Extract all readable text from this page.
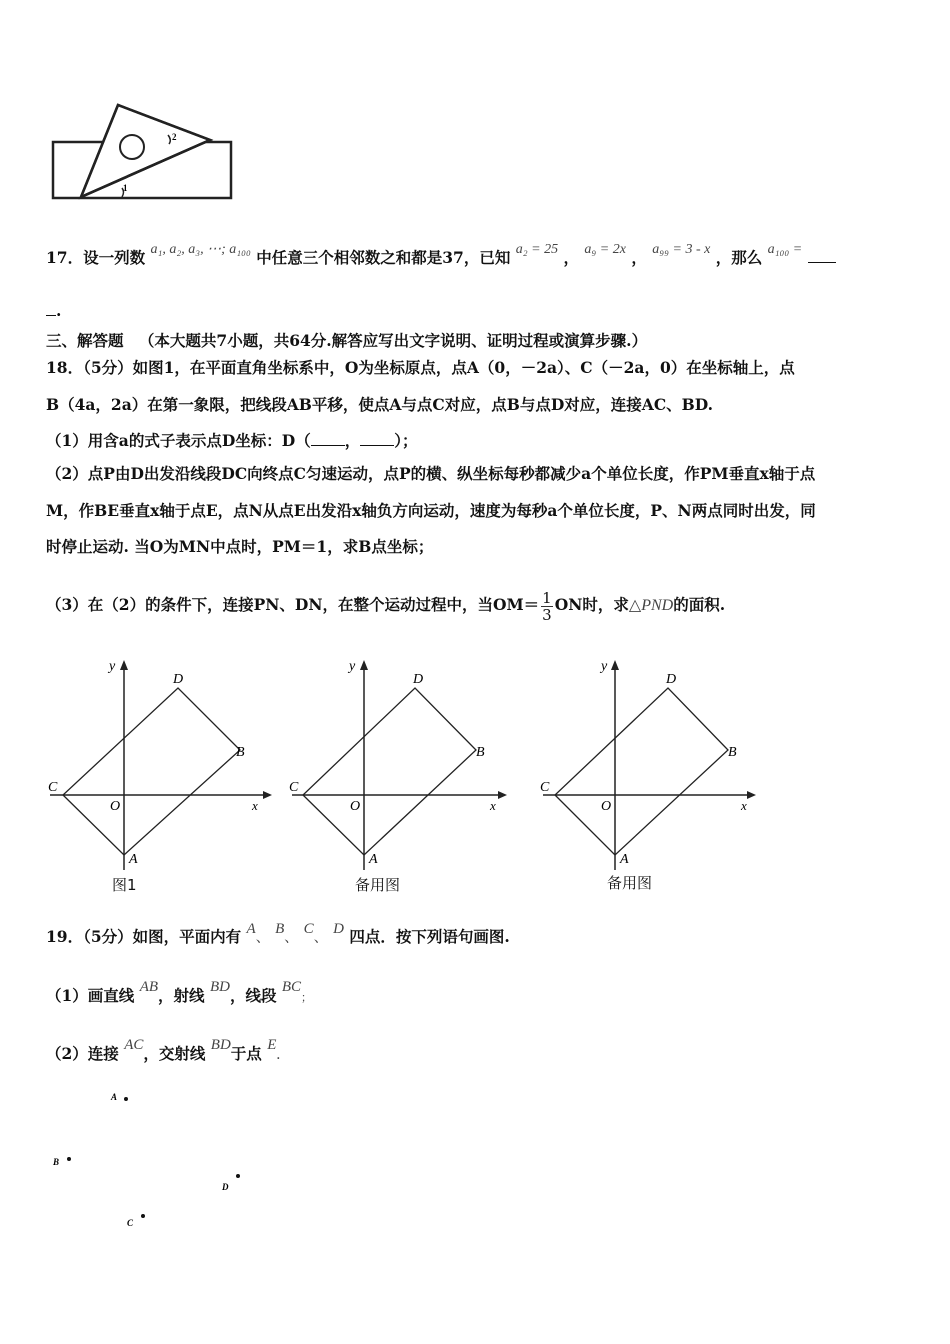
2
1
17．设一列数 a₁, a₂, a₃, ⋯; a₁₀₀ 中任意三个相邻数之和都是37，已知 a₂ = 25 ， a₉ = 2x ， a₉₉ = 3 - x ，那么 a₁₀₀ =
.
三、解答题 （本大题共7小题，共64分.解答应写出文字说明、证明过程或演算步骤.）
18．（5分）如图1，在平面直角坐标系中，O为坐标原点，点A（0，－2a）、C（－2a，0）在坐标轴上，点
B（4a，2a）在第一象限，把线段AB平移，使点A与点C对应，点B与点D对应，连接AC、BD.
（1）用含a的式子表示点D坐标：D（ ， ）；
（2）点P由D出发沿线段DC向终点C匀速运动，点P的横、纵坐标每秒都减少a个单位长度，作PM垂直x轴于点
M，作BE垂直x轴于点E，点N从点E出发沿x轴负方向运动，速度为每秒a个单位长度，P、N两点同时出发，同
时停止运动. 当O为MN中点时，PM＝1，求B点坐标；
（3）在（2）的条件下，连接PN、DN，在整个运动过程中，当$OM= \frac{1}{3}$ ON时，求△PND的面积.
y
x
O
A
B
C
D
图1
y
x
O
A
B
C
D
备用图
y
x
O
A
B
C
D
备用图
19．（5分）如图，平面内有 A、 B、 C、 D 四点．按下列语句画图.
（1）画直线 AB，射线 BD，线段 BC；
（2）连接 AC，交射线 BD于点 E.
A
B
D
C
